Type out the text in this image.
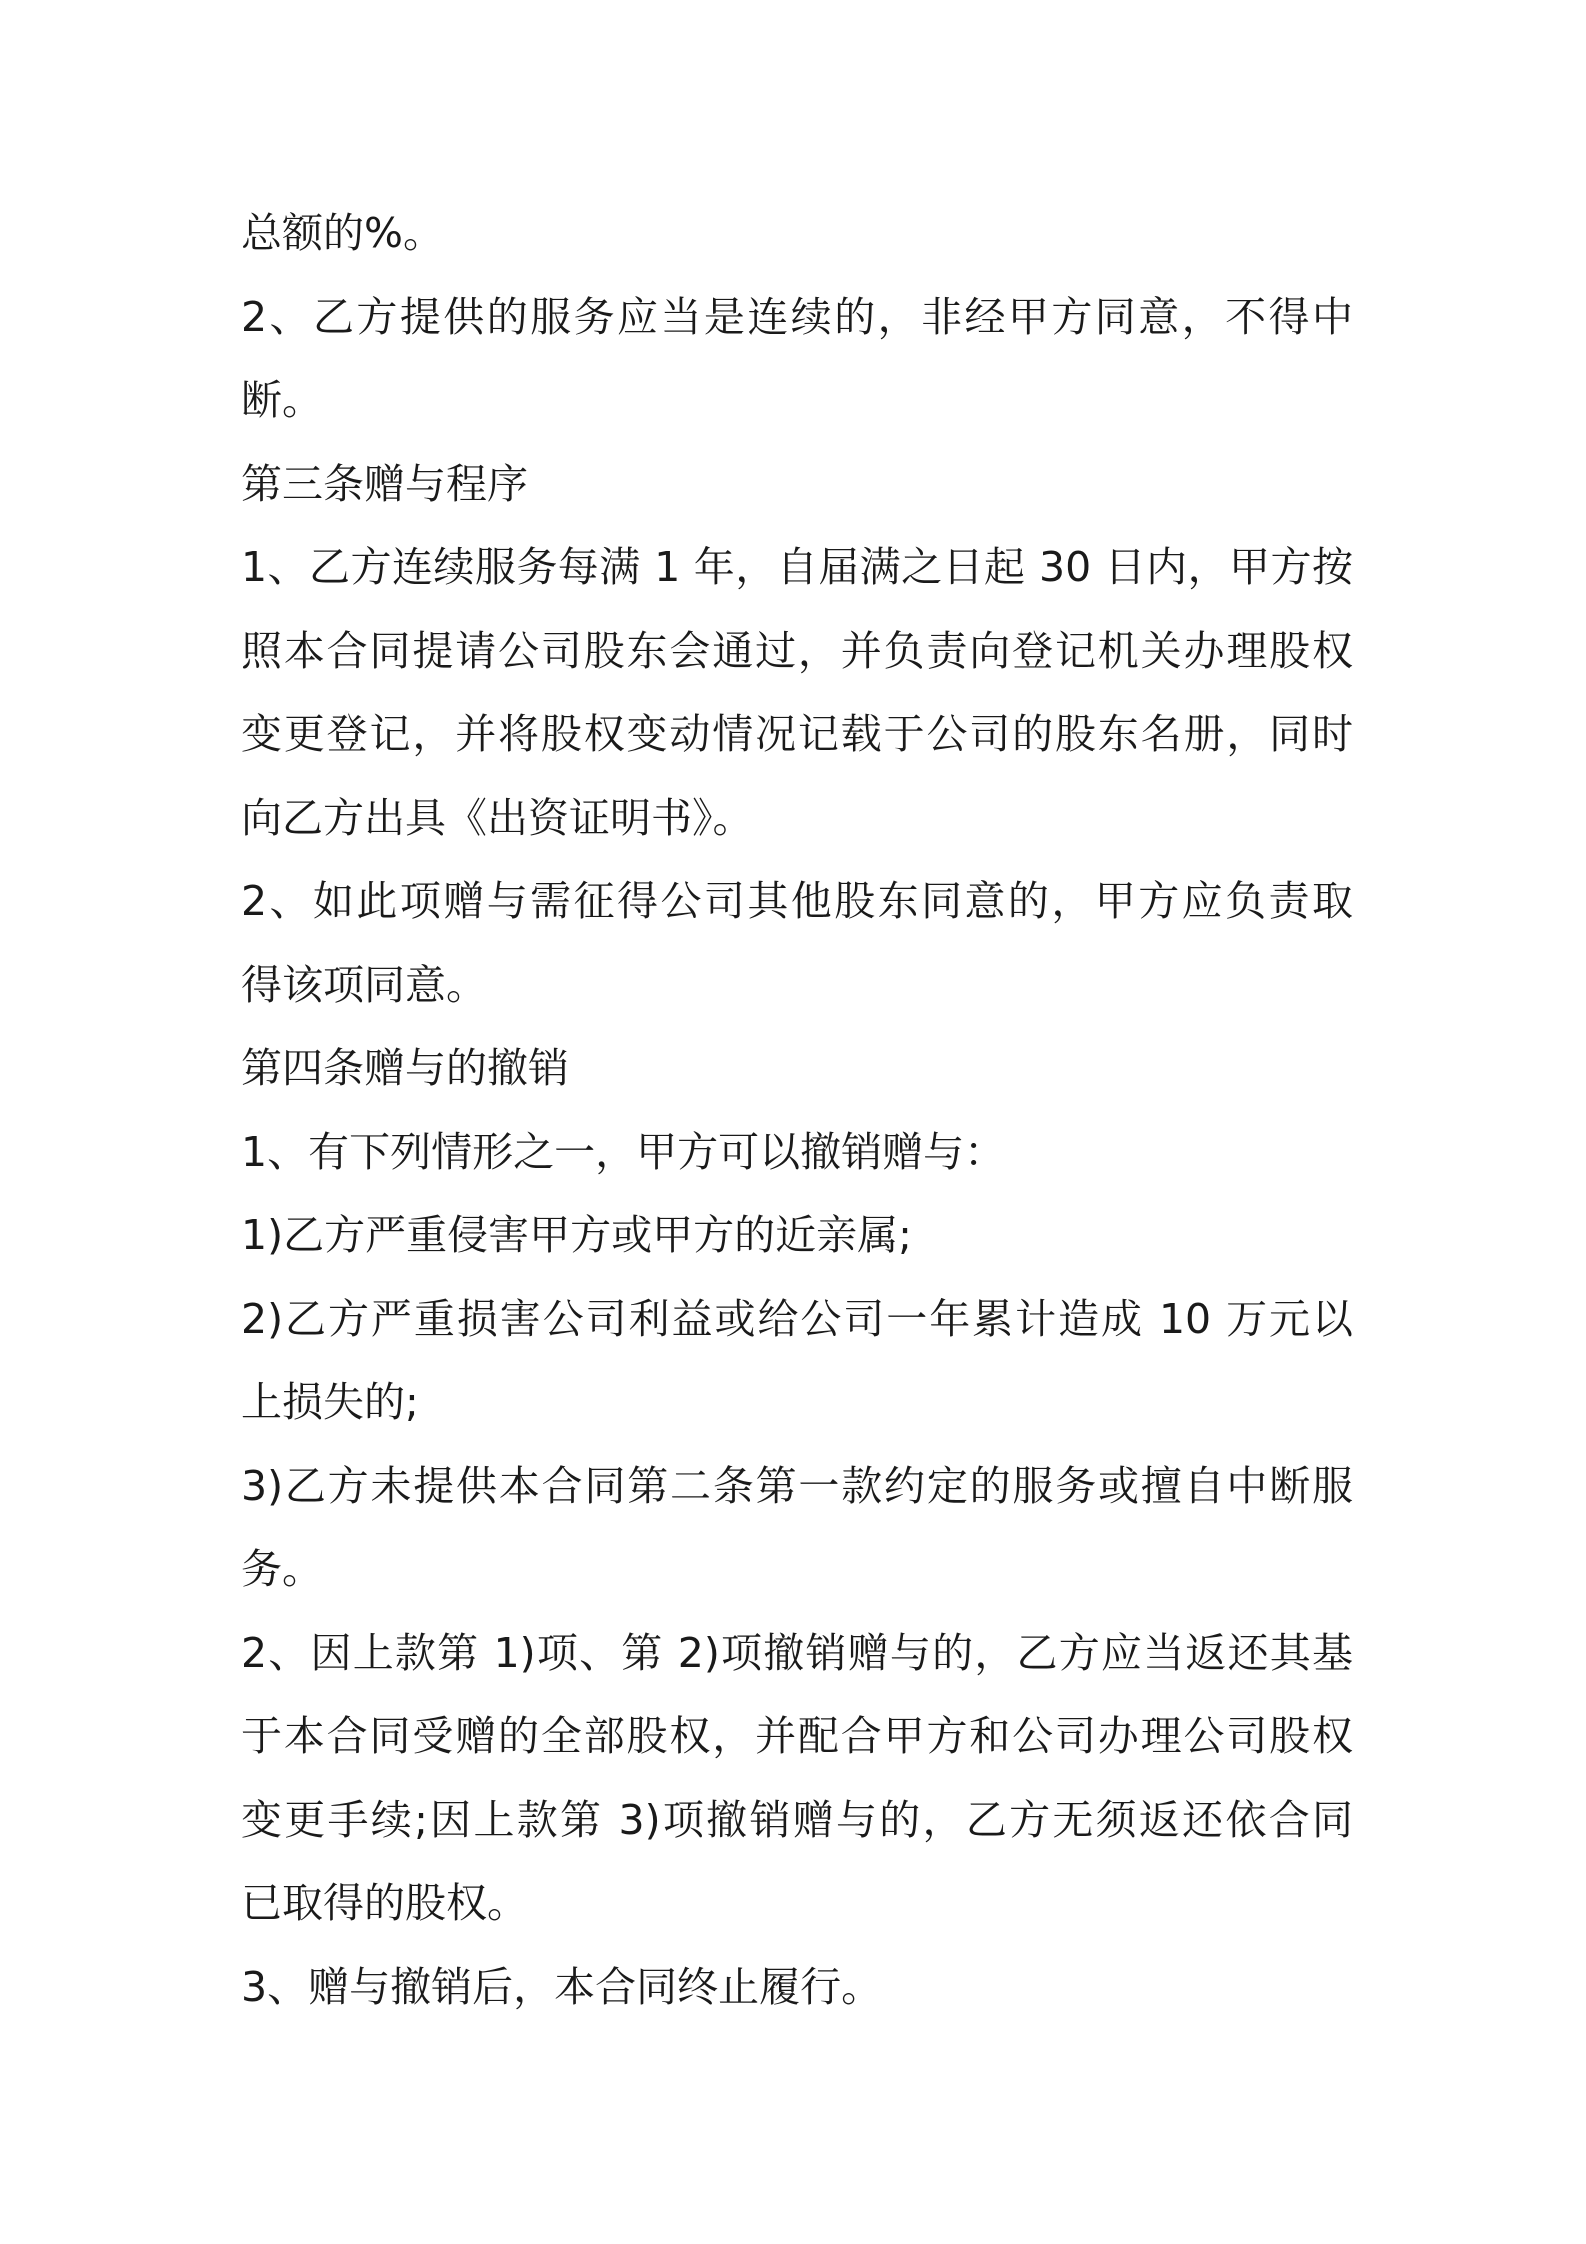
总额的%。
2、乙方提供的服务应当是连续的，非经甲方同意，不得中
断。
第三条赠与程序
1、乙方连续服务每满 1 年，自届满之日起 30 日内，甲方按
照本合同提请公司股东会通过，并负责向登记机关办理股权
变更登记，并将股权变动情况记载于公司的股东名册，同时
向乙方出具《出资证明书》。
2、如此项赠与需征得公司其他股东同意的，甲方应负责取
得该项同意。
第四条赠与的撤销
1、有下列情形之一，甲方可以撤销赠与：
1)乙方严重侵害甲方或甲方的近亲属;
2)乙方严重损害公司利益或给公司一年累计造成 10 万元以
上损失的;
3)乙方未提供本合同第二条第一款约定的服务或擅自中断服
务。
2、因上款第 1)项、第 2)项撤销赠与的，乙方应当返还其基
于本合同受赠的全部股权，并配合甲方和公司办理公司股权
变更手续;因上款第 3)项撤销赠与的，乙方无须返还依合同
已取得的股权。
3、赠与撤销后，本合同终止履行。
